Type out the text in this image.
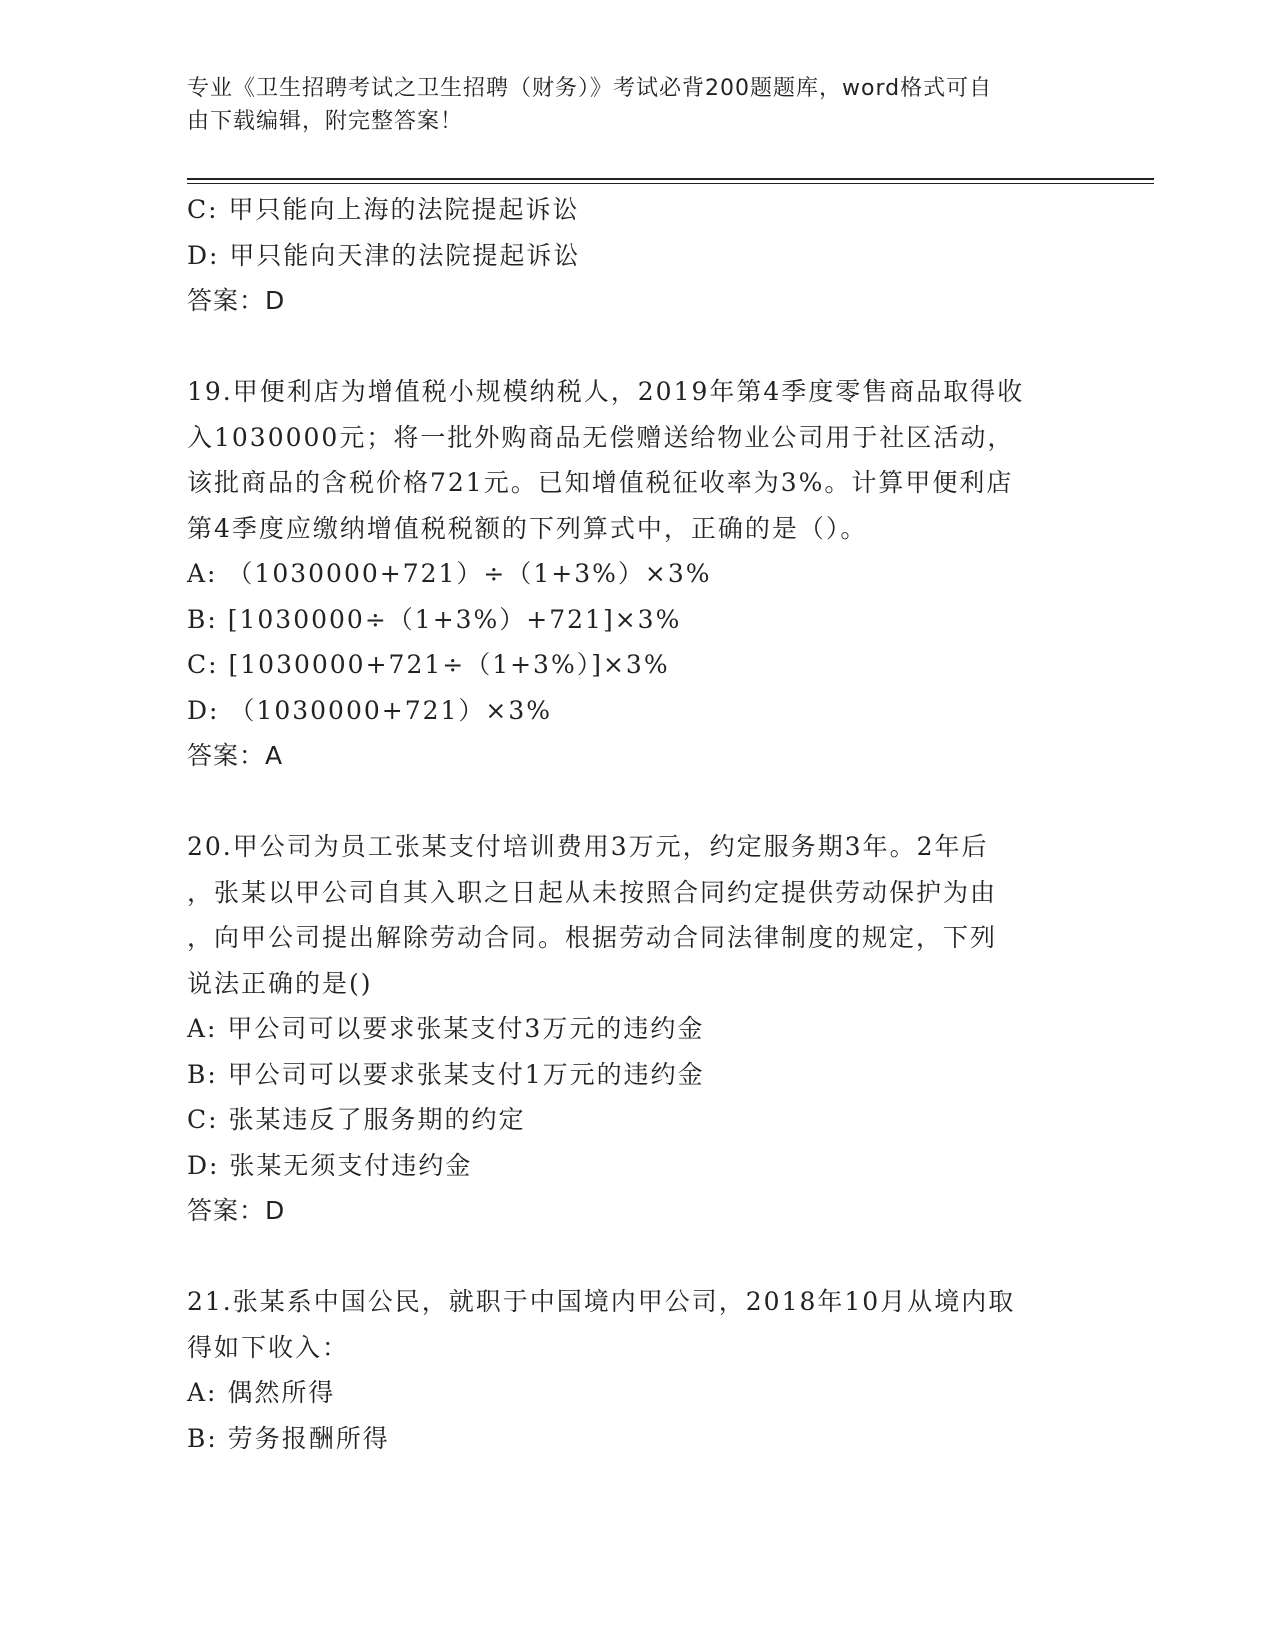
专业《卫生招聘考试之卫生招聘（财务）》考试必背200题题库，word格式可自
由下载编辑，附完整答案！
C: 甲只能向上海的法院提起诉讼
D: 甲只能向天津的法院提起诉讼
答案：D
19.甲便利店为增值税小规模纳税人，2019年第4季度零售商品取得收
入1030000元；将一批外购商品无偿赠送给物业公司用于社区活动，
该批商品的含税价格721元。已知增值税征收率为3%。计算甲便利店
第4季度应缴纳增值税税额的下列算式中，正确的是（）。
A: （1030000+721）÷（1+3%）×3%
B: [1030000÷（1+3%）+721]×3%
C: [1030000+721÷（1+3%）]×3%
D: （1030000+721）×3%
答案：A
20.甲公司为员工张某支付培训费用3万元，约定服务期3年。2年后
，张某以甲公司自其入职之日起从未按照合同约定提供劳动保护为由
，向甲公司提出解除劳动合同。根据劳动合同法律制度的规定，下列
说法正确的是()
A: 甲公司可以要求张某支付3万元的违约金
B: 甲公司可以要求张某支付1万元的违约金
C: 张某违反了服务期的约定
D: 张某无须支付违约金
答案：D
21.张某系中国公民，就职于中国境内甲公司，2018年10月从境内取
得如下收入：
A: 偶然所得
B: 劳务报酬所得
